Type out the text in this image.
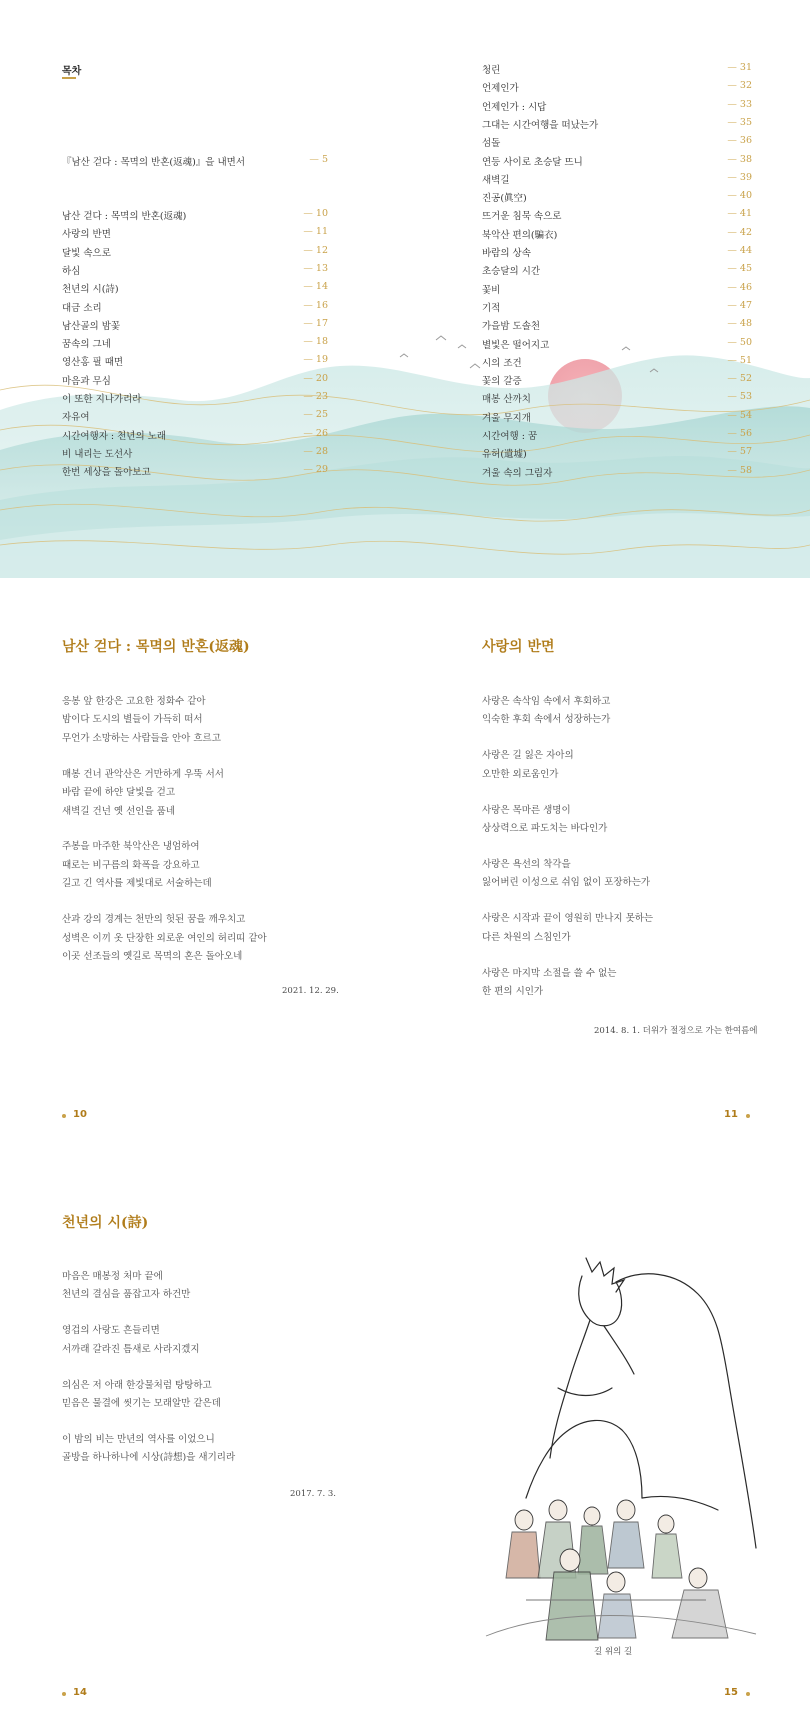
목차
『남산 걷다 : 목멱의 반혼(返魂)』을 내면서	— 5
남산 걷다 : 목멱의 반혼(返魂)	— 10
사랑의 반면	— 11
달빛 속으로	— 12
하심	— 13
천년의 시(詩)	— 14
대금 소리	— 16
남산골의 밤꽃	— 17
꿈속의 그네	— 18
영산홍 필 때면	— 19
마음과 무심	— 20
이 또한 지나가리라	— 23
자유여	— 25
시간여행자 : 천년의 노래	— 26
비 내리는 도선사	— 28
한번 세상을 돌아보고	— 29
청린	— 31
언제인가	— 32
언제인가 : 시답	— 33
그대는 시간여행을 떠났는가	— 35
섬돌	— 36
연등 사이로 초승달 뜨니	— 38
새벽길	— 39
진공(眞空)	— 40
뜨거운 침묵 속으로	— 41
북악산 편의(騙衣)	— 42
바람의 상속	— 44
초승달의 시간	— 45
꽃비	— 46
기적	— 47
가을밤 도솔천	— 48
별빛은 떨어지고	— 50
시의 조건	— 51
꽃의 갈증	— 52
매봉 산까치	— 53
겨울 무지개	— 54
시간여행 : 꿈	— 56
유허(遺墟)	— 57
겨울 속의 그림자	— 58
남산 걷다 : 목멱의 반혼(返魂)
응봉 앞 한강은 고요한 정화수 같아
밤이다 도시의 별들이 가득히 떠서
무언가 소망하는 사람들을 안아 흐르고
매봉 건너 관악산은 거만하게 우뚝 서서
바람 끝에 하얀 달빛을 걷고
새벽길 건넌 옛 선인을 품네
주봉을 마주한 북악산은 냉엄하여
때로는 비구름의 화폭을 강요하고
길고 긴 역사를 제빛대로 서술하는데
산과 강의 경계는 천만의 헛된 꿈을 깨우치고
성벽은 이끼 옷 단장한 외로운 여인의 허리띠 같아
이곳 선조들의 옛길로 목멱의 혼은 돌아오네
2021. 12. 29.
사랑의 반면
사랑은 속삭임 속에서 후회하고
익숙한 후회 속에서 성장하는가
사랑은 길 잃은 자아의
오만한 외로움인가
사랑은 목마른 생명이
상상력으로 파도치는 바다인가
사랑은 욕선의 착각을
잃어버린 이성으로 쉬임 없이 포장하는가
사랑은 시작과 끝이 영원히 만나지 못하는
다른 차원의 스침인가
사랑은 마지막 소절을 쓸 수 없는
한 편의 시인가
2014. 8. 1. 더위가 절정으로 가는 한여름에
10	11
천년의 시(詩)
마음은 매봉정 처마 끝에
천년의 결심을 품잡고자 하건만
영겁의 사랑도 흔들리면
서까래 갈라진 틈새로 사라지겠지
의심은 저 아래 한강물처럼 탕탕하고
믿음은 물결에 씻기는 모래알만 같은데
이 밤의 비는 만년의 역사를 이었으니
골방을 하나하나에 시상(詩想)을 새기리라
2017. 7. 3.
길 위의 길
14	15
